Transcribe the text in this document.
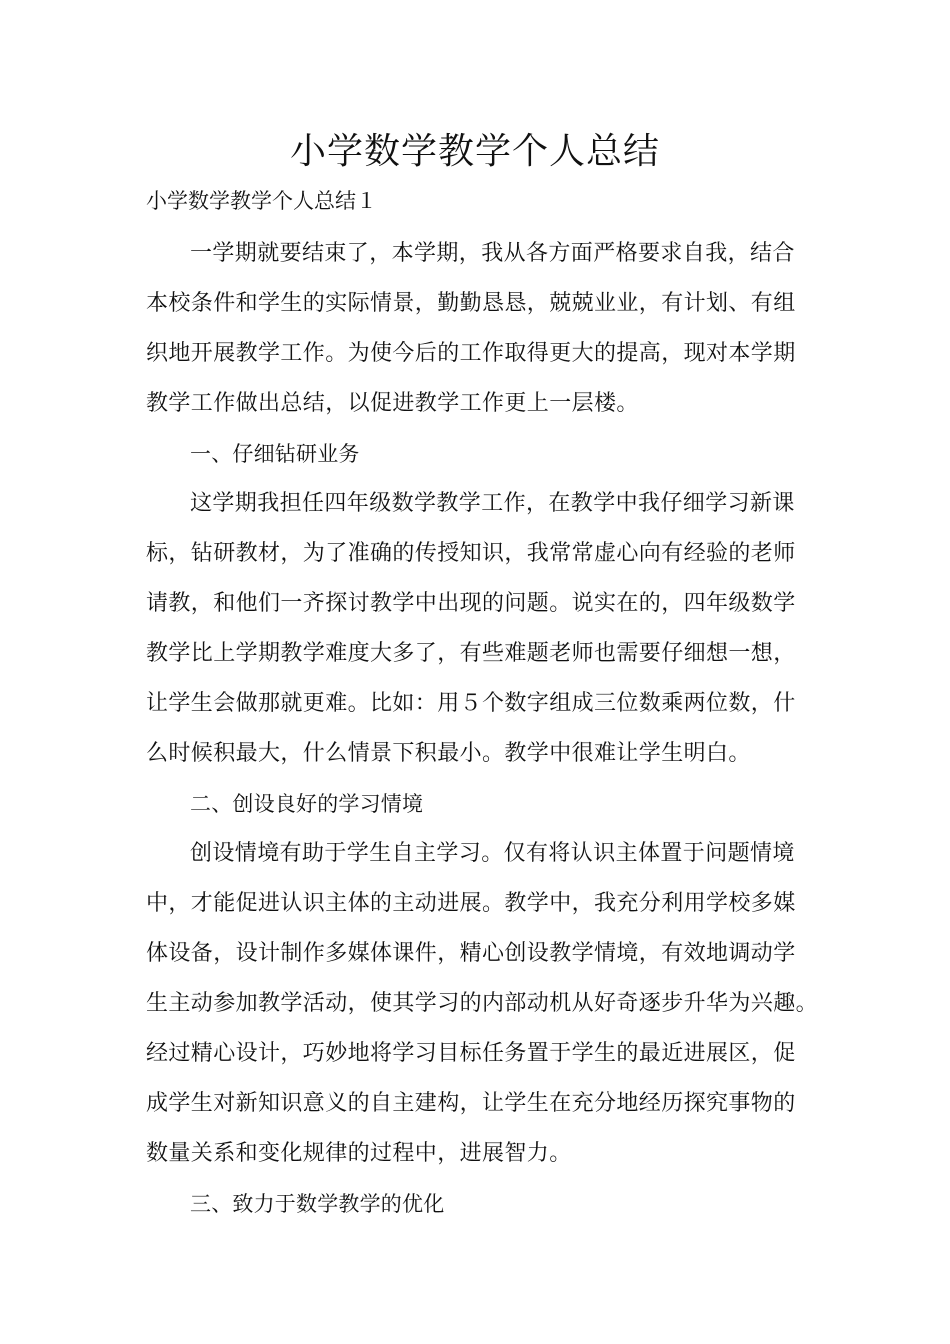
小学数学教学个人总结

小学数学教学个人总结１

一学期就要结束了，本学期，我从各方面严格要求自我，结合
本校条件和学生的实际情景，勤勤恳恳，兢兢业业，有计划、有组
织地开展教学工作。为使今后的工作取得更大的提高，现对本学期
教学工作做出总结，以促进教学工作更上一层楼。
一、仔细钻研业务
这学期我担任四年级数学教学工作，在教学中我仔细学习新课
标，钻研教材，为了准确的传授知识，我常常虚心向有经验的老师
请教，和他们一齐探讨教学中出现的问题。说实在的，四年级数学
教学比上学期教学难度大多了，有些难题老师也需要仔细想一想，
让学生会做那就更难。比如：用５个数字组成三位数乘两位数，什
么时候积最大，什么情景下积最小。教学中很难让学生明白。
二、创设良好的学习情境
创设情境有助于学生自主学习。仅有将认识主体置于问题情境
中，才能促进认识主体的主动进展。教学中，我充分利用学校多媒
体设备，设计制作多媒体课件，精心创设教学情境，有效地调动学
生主动参加教学活动，使其学习的内部动机从好奇逐步升华为兴趣。
经过精心设计，巧妙地将学习目标任务置于学生的最近进展区，促
成学生对新知识意义的自主建构，让学生在充分地经历探究事物的
数量关系和变化规律的过程中，进展智力。
三、致力于数学教学的优化
